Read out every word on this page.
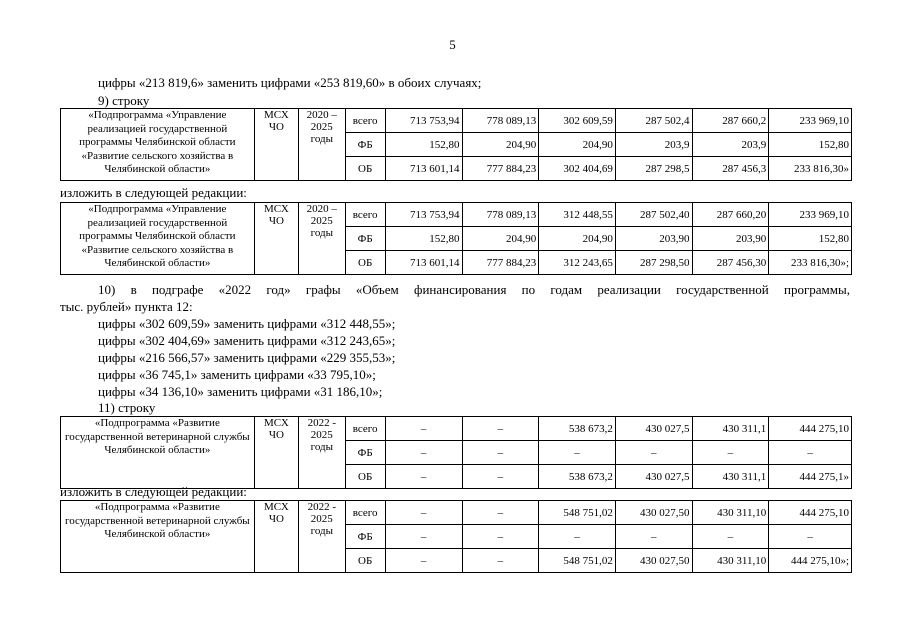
5
цифры «213 819,6» заменить цифрами «253 819,60» в обоих случаях;
9) строку
«Подпрограмма «Управление реализацией государственной программы Челябинской области «Развитие сельского хозяйства в Челябинской области»	МСХ ЧО	2020 – 2025 годы	всего	713 753,94	778 089,13	302 609,59	287 502,4	287 660,2	233 969,10
			ФБ	152,80	204,90	204,90	203,9	203,9	152,80
			ОБ	713 601,14	777 884,23	302 404,69	287 298,5	287 456,3	233 816,30»
изложить в следующей редакции:
«Подпрограмма «Управление реализацией государственной программы Челябинской области «Развитие сельского хозяйства в Челябинской области»	МСХ ЧО	2020 – 2025 годы	всего	713 753,94	778 089,13	312 448,55	287 502,40	287 660,20	233 969,10
			ФБ	152,80	204,90	204,90	203,90	203,90	152,80
			ОБ	713 601,14	777 884,23	312 243,65	287 298,50	287 456,30	233 816,30»;
10) в подграфе «2022 год» графы «Объем финансирования по годам реализации государственной программы,
тыс. рублей» пункта 12:
цифры «302 609,59» заменить цифрами «312 448,55»;
цифры «302 404,69» заменить цифрами «312 243,65»;
цифры «216 566,57» заменить цифрами «229 355,53»;
цифры «36 745,1» заменить цифрами «33 795,10»;
цифры «34 136,10» заменить цифрами «31 186,10»;
11) строку
«Подпрограмма «Развитие государственной ветеринарной службы Челябинской области»	МСХ ЧО	2022 - 2025 годы	всего	–	–	538 673,2	430 027,5	430 311,1	444 275,10
			ФБ	–	–	–	–	–	–
			ОБ	–	–	538 673,2	430 027,5	430 311,1	444 275,1»
изложить в следующей редакции:
«Подпрограмма «Развитие государственной ветеринарной службы Челябинской области»	МСХ ЧО	2022 - 2025 годы	всего	–	–	548 751,02	430 027,50	430 311,10	444 275,10
			ФБ	–	–	–	–	–	–
			ОБ	–	–	548 751,02	430 027,50	430 311,10	444 275,10»;
